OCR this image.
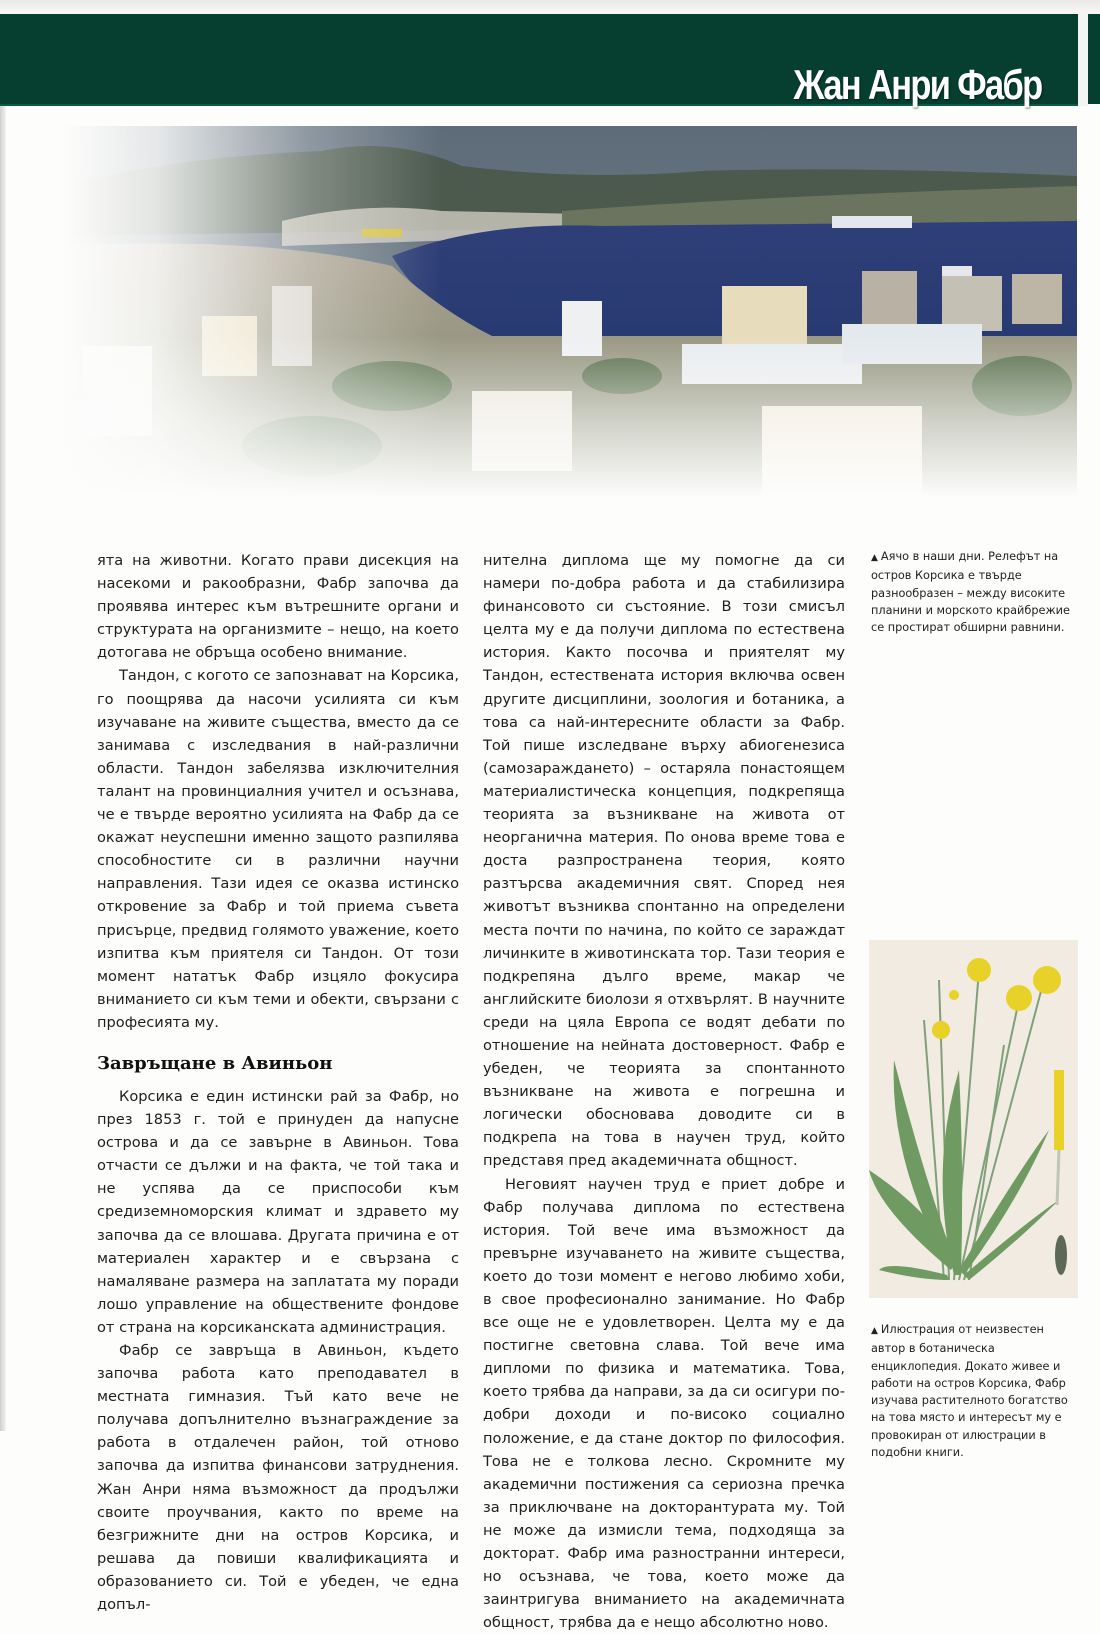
Жан Анри Фабр

ята на животни. Когато прави дисекция на насекоми и ракообразни, Фабр започва да проявява интерес към вътрешните органи и структурата на организмите – нещо, на което дотогава не обръща особено внимание.

Тандон, с когото се запознават на Корсика, го поощрява да насочи усилията си към изучаване на живите същества, вместо да се занимава с изследвания в най-различни области. Тандон забелязва изключителния талант на провинциалния учител и осъзнава, че е твърде вероятно усилията на Фабр да се окажат неуспешни именно защото разпилява способностите си в различни научни направления. Тази идея се оказва истинско откровение за Фабр и той приема съвета присърце, предвид голямото уважение, което изпитва към приятеля си Тандон. От този момент нататък Фабр изцяло фокусира вниманието си към теми и обекти, свързани с професията му.

Завръщане в Авиньон

Корсика е един истински рай за Фабр, но през 1853 г. той е принуден да напусне острова и да се завърне в Авиньон. Това отчасти се дължи и на факта, че той така и не успява да се приспособи към средиземноморския климат и здравето му започва да се влошава. Другата причина е от материален характер и е свързана с намаляване размера на заплатата му поради лошо управление на обществените фондове от страна на корсиканската администрация.

Фабр се завръща в Авиньон, където започва работа като преподавател в местната гимназия. Тъй като вече не получава допълнително възнаграждение за работа в отдалечен район, той отново започва да изпитва финансови затруднения. Жан Анри няма възможност да продължи своите проучвания, както по време на безгрижните дни на остров Корсика, и решава да повиши квалификацията и образованието си. Той е убеден, че една допъл-

нителна диплома ще му помогне да си намери по-добра работа и да стабилизира финансовото си състояние. В този смисъл целта му е да получи диплома по естествена история. Както посочва и приятелят му Тандон, естествената история включва освен другите дисциплини, зоология и ботаника, а това са най-интересните области за Фабр. Той пише изследване върху абиогенезиса (самозараждането) – остаряла понастоящем материалистическа концепция, подкрепяща теорията за възникване на живота от неорганична материя. По онова време това е доста разпространена теория, която разтърсва академичния свят. Според нея животът възниква спонтанно на определени места почти по начина, по който се зараждат личинките в животинската тор. Тази теория е подкрепяна дълго време, макар че английските биолози я отхвърлят. В научните среди на цяла Европа се водят дебати по отношение на нейната достоверност. Фабр е убеден, че теорията за спонтанното възникване на живота е погрешна и логически обосновава доводите си в подкрепа на това в научен труд, който представя пред академичната общност.

Неговият научен труд е приет добре и Фабр получава диплома по естествена история. Той вече има възможност да превърне изучаването на живите същества, което до този момент е негово любимо хоби, в свое професионално занимание. Но Фабр все още не е удовлетворен. Целта му е да постигне световна слава. Той вече има дипломи по физика и математика. Това, което трябва да направи, за да си осигури по-добри доходи и по-високо социално положение, е да стане доктор по философия. Това не е толкова лесно. Скромните му академични постижения са сериозна пречка за приключване на докторантурата му. Той не може да измисли тема, подходяща за докторат. Фабр има разностранни интереси, но осъзнава, че това, което може да заинтригува вниманието на академичната общност, трябва да е нещо абсолютно ново.

▲ Аячо в наши дни. Релефът на остров Корсика е твърде разнообразен – между високите планини и морското крайбрежие се простират обширни равнини.
▲ Илюстрация от неизвестен автор в ботаническа енциклопедия. Докато живее и работи на остров Корсика, Фабр изучава растителното богатство на това място и интересът му е провокиран от илюстрации в подобни книги.
